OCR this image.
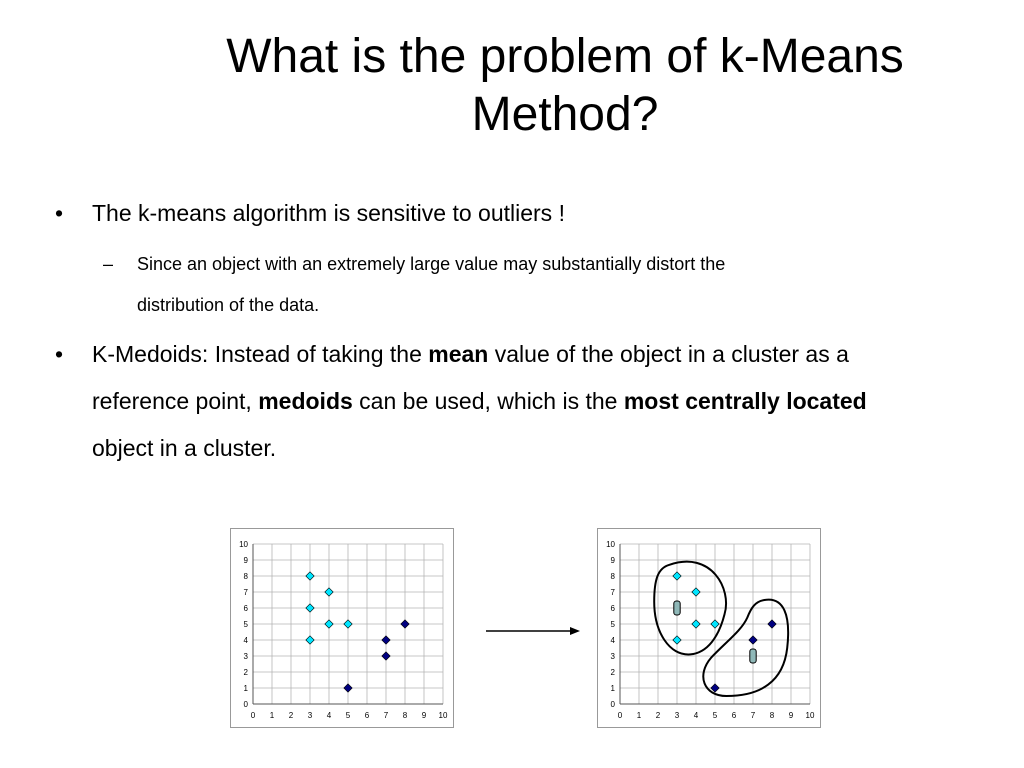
What is the problem of k-Means
Method?
• The k-means algorithm is sensitive to outliers !
– Since an object with an extremely large value may substantially distort the
distribution of the data.
• K-Medoids: Instead of taking the mean value of the object in a cluster as a
reference point, medoids can be used, which is the most centrally located
object in a cluster.
0 1 2 3 4 5 6 7 8 9 10
0
1
2
3
4
5
6
7
8
9
10
0 1 2 3 4 5 6 7 8 9 10
0
1
2
3
4
5
6
7
8
9
10
